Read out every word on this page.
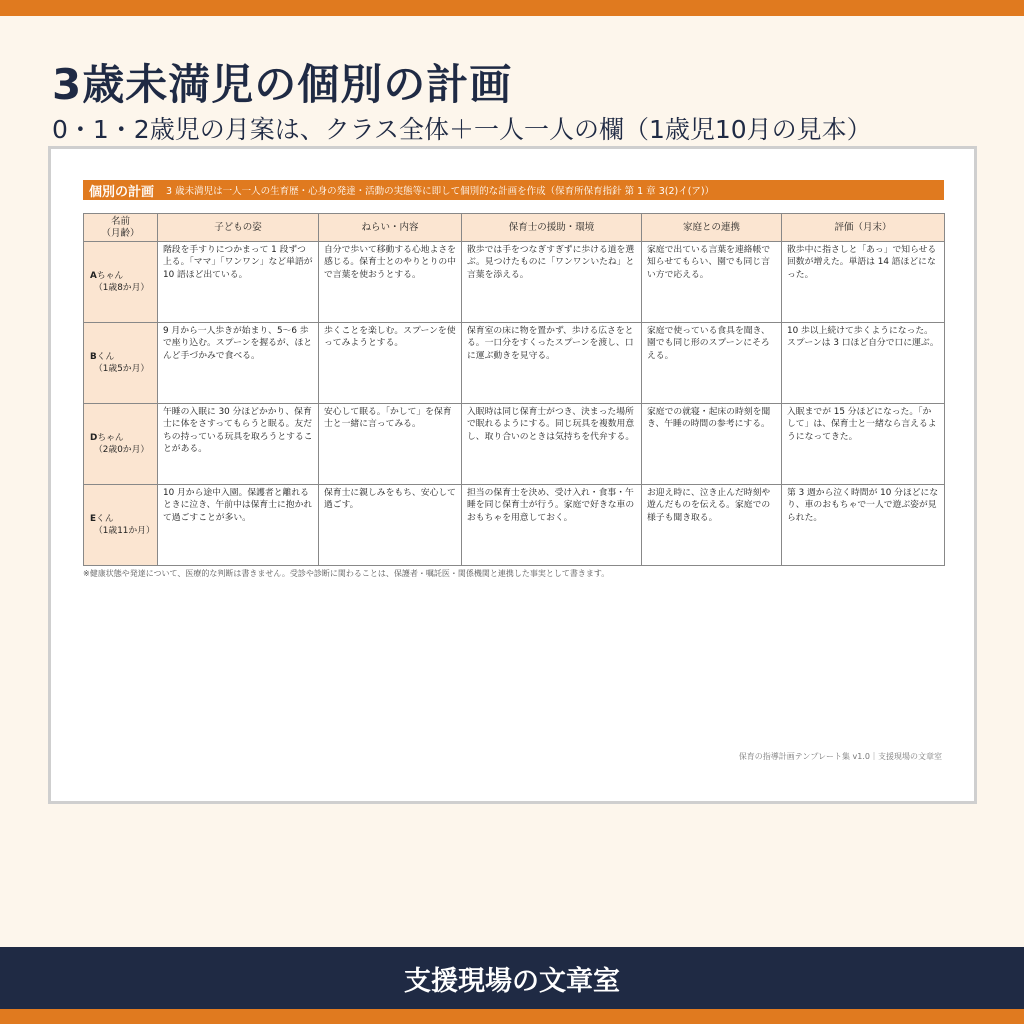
3歳未満児の個別の計画
0・1・2歳児の月案は、クラス全体＋一人一人の欄（1歳児10月の見本）
個別の計画 3 歳未満児は一人一人の生育歴・心身の発達・活動の実態等に即して個別的な計画を作成（保育所保育指針 第 1 章 3(2)イ(ア)）
名前
（月齢）	子どもの姿	ねらい・内容	保育士の援助・環境	家庭との連携	評価（月末）
Aちゃん
（1歳8か月）	階段を手すりにつかまって 1 段ずつ上る。「ママ」「ワンワン」など単語が 10 語ほど出ている。	自分で歩いて移動する心地よさを感じる。保育士とのやりとりの中で言葉を使おうとする。	散歩では手をつなぎすぎずに歩ける道を選ぶ。見つけたものに「ワンワンいたね」と言葉を添える。	家庭で出ている言葉を連絡帳で知らせてもらい、園でも同じ言い方で応える。	散歩中に指さしと「あっ」で知らせる回数が増えた。単語は 14 語ほどになった。
Bくん
（1歳5か月）	9 月から一人歩きが始まり、5〜6 歩で座り込む。スプーンを握るが、ほとんど手づかみで食べる。	歩くことを楽しむ。スプーンを使ってみようとする。	保育室の床に物を置かず、歩ける広さをとる。一口分をすくったスプーンを渡し、口に運ぶ動きを見守る。	家庭で使っている食具を聞き、園でも同じ形のスプーンにそろえる。	10 歩以上続けて歩くようになった。スプーンは 3 口ほど自分で口に運ぶ。
Dちゃん
（2歳0か月）	午睡の入眠に 30 分ほどかかり、保育士に体をさすってもらうと眠る。友だちの持っている玩具を取ろうとすることがある。	安心して眠る。「かして」を保育士と一緒に言ってみる。	入眠時は同じ保育士がつき、決まった場所で眠れるようにする。同じ玩具を複数用意し、取り合いのときは気持ちを代弁する。	家庭での就寝・起床の時刻を聞き、午睡の時間の参考にする。	入眠までが 15 分ほどになった。「かして」は、保育士と一緒なら言えるようになってきた。
Eくん
（1歳11か月）	10 月から途中入園。保護者と離れるときに泣き、午前中は保育士に抱かれて過ごすことが多い。	保育士に親しみをもち、安心して過ごす。	担当の保育士を決め、受け入れ・食事・午睡を同じ保育士が行う。家庭で好きな車のおもちゃを用意しておく。	お迎え時に、泣き止んだ時刻や遊んだものを伝える。家庭での様子も聞き取る。	第 3 週から泣く時間が 10 分ほどになり、車のおもちゃで一人で遊ぶ姿が見られた。
※健康状態や発達について、医療的な判断は書きません。受診や診断に関わることは、保護者・嘱託医・関係機関と連携した事実として書きます。
保育の指導計画テンプレート集 v1.0｜支援現場の文章室
支援現場の文章室
